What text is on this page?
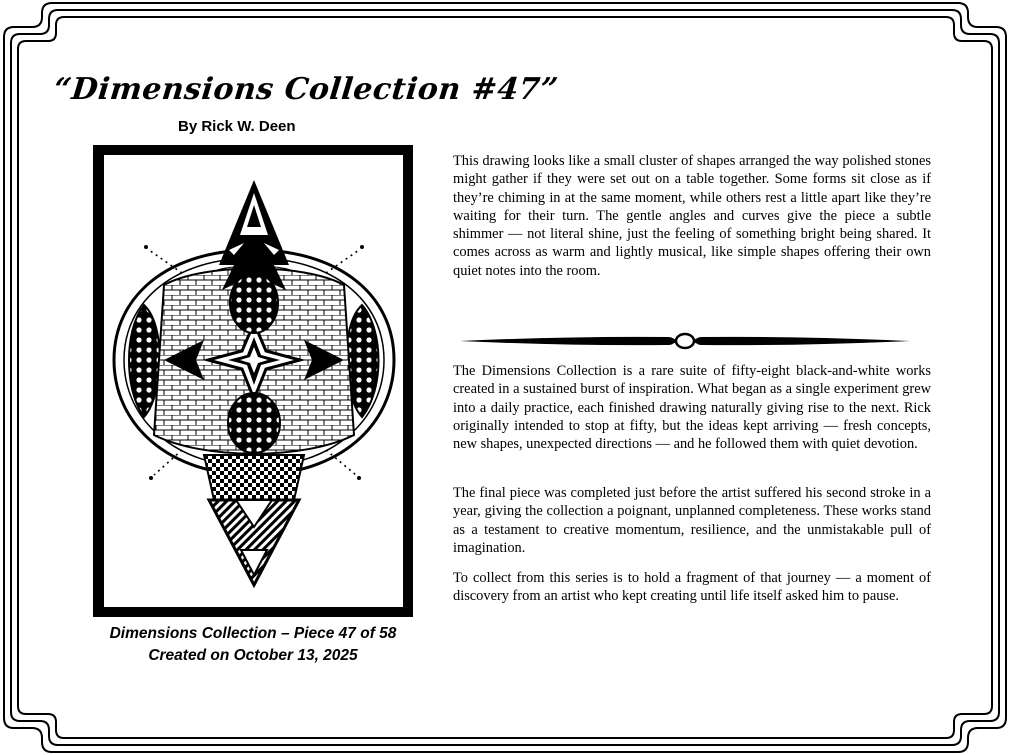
“Dimensions Collection #47”
By Rick W. Deen
Dimensions Collection – Piece 47 of 58
Created on October 13, 2025
This drawing looks like a small cluster of shapes arranged the way polished stones might gather if they were set out on a table together. Some forms sit close as if they’re chiming in at the same moment, while others rest a little apart like they’re waiting for their turn. The gentle angles and curves give the piece a subtle shimmer — not literal shine, just the feeling of something bright being shared. It comes across as warm and lightly musical, like simple shapes offering their own quiet notes into the room.
The Dimensions Collection is a rare suite of fifty-eight black-and-white works created in a sustained burst of inspiration. What began as a single experiment grew into a daily practice, each finished drawing naturally giving rise to the next. Rick originally intended to stop at fifty, but the ideas kept arriving — fresh concepts, new shapes, unexpected directions — and he followed them with quiet devotion.
The final piece was completed just before the artist suffered his second stroke in a year, giving the collection a poignant, unplanned completeness. These works stand as a testament to creative momentum, resilience, and the unmistakable pull of imagination.
To collect from this series is to hold a fragment of that journey — a moment of discovery from an artist who kept creating until life itself asked him to pause.
